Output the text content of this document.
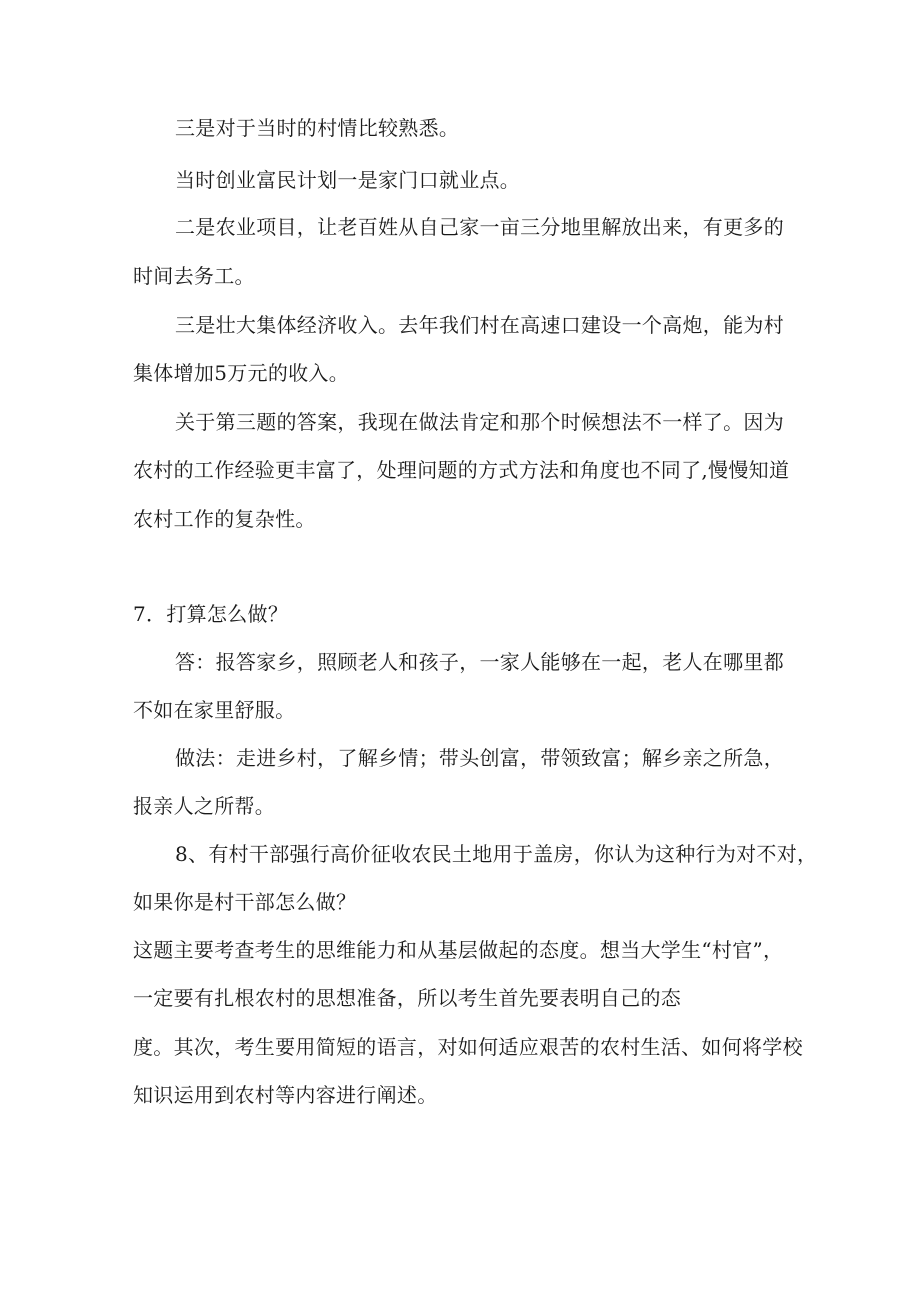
三是对于当时的村情比较熟悉。
当时创业富民计划一是家门口就业点。
二是农业项目，让老百姓从自己家一亩三分地里解放出来，有更多的
时间去务工。
三是壮大集体经济收入。去年我们村在高速口建设一个高炮，能为村
集体增加5万元的收入。
关于第三题的答案，我现在做法肯定和那个时候想法不一样了。因为
农村的工作经验更丰富了，处理问题的方式方法和角度也不同了,慢慢知道
农村工作的复杂性。
7．打算怎么做？
答：报答家乡，照顾老人和孩子，一家人能够在一起，老人在哪里都
不如在家里舒服。
做法：走进乡村，了解乡情；带头创富，带领致富；解乡亲之所急，
报亲人之所帮。
8、有村干部强行高价征收农民土地用于盖房，你认为这种行为对不对，
如果你是村干部怎么做？
这题主要考查考生的思维能力和从基层做起的态度。想当大学生“村官”，
一定要有扎根农村的思想准备，所以考生首先要表明自己的态
度。其次，考生要用简短的语言，对如何适应艰苦的农村生活、如何将学校
知识运用到农村等内容进行阐述。
